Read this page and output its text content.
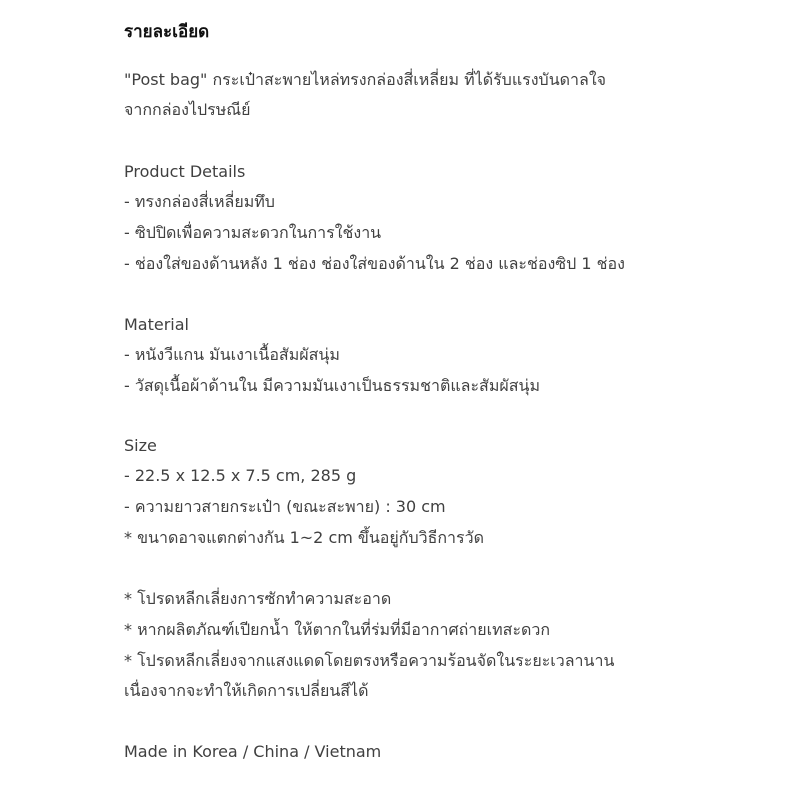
รายละเอียด
"Post bag" กระเป๋าสะพายไหล่ทรงกล่องสี่เหลี่ยม ที่ได้รับแรงบันดาลใจ
จากกล่องไปรษณีย์
Product Details
- ทรงกล่องสี่เหลี่ยมทึบ
- ซิปปิดเพื่อความสะดวกในการใช้งาน
- ช่องใส่ของด้านหลัง 1 ช่อง ช่องใส่ของด้านใน 2 ช่อง และช่องซิป 1 ช่อง
Material
- หนังวีแกน มันเงาเนื้อสัมผัสนุ่ม
- วัสดุเนื้อผ้าด้านใน มีความมันเงาเป็นธรรมชาติและสัมผัสนุ่ม
Size
- 22.5 x 12.5 x 7.5 cm, 285 g
- ความยาวสายกระเป๋า (ขณะสะพาย) : 30 cm
* ขนาดอาจแตกต่างกัน 1~2 cm ขึ้นอยู่กับวิธีการวัด
* โปรดหลีกเลี่ยงการซักทำความสะอาด
* หากผลิตภัณฑ์เปียกน้ำ ให้ตากในที่ร่มที่มีอากาศถ่ายเทสะดวก
* โปรดหลีกเลี่ยงจากแสงแดดโดยตรงหรือความร้อนจัดในระยะเวลานาน
เนื่องจากจะทำให้เกิดการเปลี่ยนสีได้
Made in Korea / China / Vietnam
